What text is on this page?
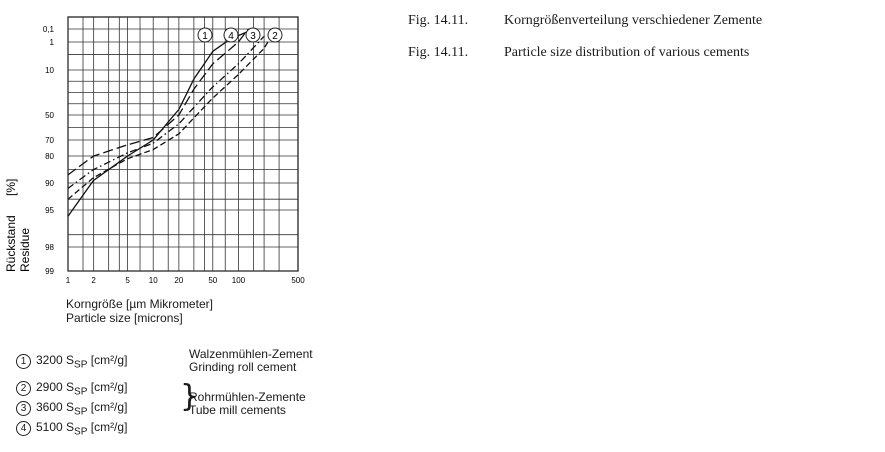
1	2	5 10 20	50 100	500
0,1
1
10
50
70
80
90
95
98
99
1	2
3
4
Rückstand
[%]
Residue
Korngröße [µm Mikrometer]
Particle size [microns]
Fig. 14.11.	Korngrößenverteilung verschiedener Zemente
Fig. 14.11.	Particle size distribution of various cements
1 3200 $S_{SP}$ [cm²/g]	Walzenmühlen-Zement
Grinding roll cement
2 2900 $S_{SP}$ [cm²/g]
3 3600 $S_{SP}$ [cm²/g]
Rohrmühlen-Zemente
Tube mill cements
4 5100 $S_{SP}$ [cm²/g]
}
